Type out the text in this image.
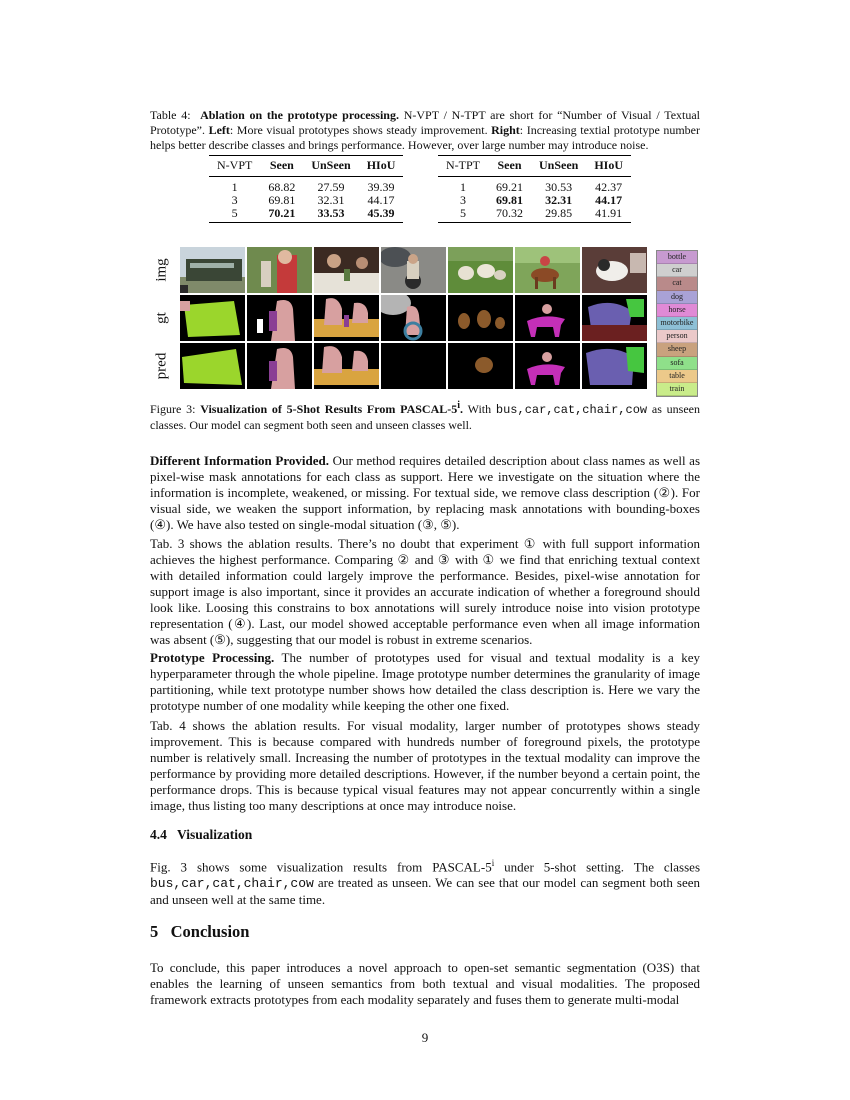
Table 4: Ablation on the prototype processing. N-VPT / N-TPT are short for “Number of Visual / Textual Prototype”. Left: More visual prototypes shows steady improvement. Right: Increasing textial prototype number helps better describe classes and brings performance. However, over large number may introduce noise.
N-VPT	Seen	UnSeen	HIoU
1	68.82	27.59	39.39
3	69.81	32.31	44.17
5	70.21	33.53	45.39
N-TPT	Seen	UnSeen	HIoU
1	69.21	30.53	42.37
3	69.81	32.31	44.17
5	70.32	29.85	41.91
img
gt
pred
bottle
car
cat
dog
horse
motorbike
person
sheep
sofa
table
train
Figure 3: Visualization of 5-Shot Results From PASCAL-5$^i$. With bus,car,cat,chair,cow as unseen classes. Our model can segment both seen and unseen classes well.
Different Information Provided. Our method requires detailed description about class names as well as pixel-wise mask annotations for each class as support. Here we investigate on the situation where the information is incomplete, weakened, or missing. For textual side, we remove class description (②). For visual side, we weaken the support information, by replacing mask annotations with bounding-boxes (④). We have also tested on single-modal situation (③, ⑤).
Tab. 3 shows the ablation results. There’s no doubt that experiment ① with full support information achieves the highest performance. Comparing ② and ③ with ① we find that enriching textual context with detailed information could largely improve the performance. Besides, pixel-wise annotation for support image is also important, since it provides an accurate indication of whether a foreground should look like. Loosing this constrains to box annotations will surely introduce noise into vision prototype representation (④). Last, our model showed acceptable performance even when all image information was absent (⑤), suggesting that our model is robust in extreme scenarios.
Prototype Processing. The number of prototypes used for visual and textual modality is a key hyperparameter through the whole pipeline. Image prototype number determines the granularity of image partitioning, while text prototype number shows how detailed the class description is. Here we vary the prototype number of one modality while keeping the other one fixed.
Tab. 4 shows the ablation results. For visual modality, larger number of prototypes shows steady improvement. This is because compared with hundreds number of foreground pixels, the prototype number is relatively small. Increasing the number of prototypes in the textual modality can improve the performance by providing more detailed descriptions. However, if the number beyond a certain point, the performance drops. This is because typical visual features may not appear concurrently within a single image, thus listing too many descriptions at once may introduce noise.
4.4 Visualization
Fig. 3 shows some visualization results from PASCAL-5$^i$ under 5-shot setting. The classes bus,car,cat,chair,cow are treated as unseen. We can see that our model can segment both seen and unseen well at the same time.
5 Conclusion
To conclude, this paper introduces a novel approach to open-set semantic segmentation (O3S) that enables the learning of unseen semantics from both textual and visual modalities. The proposed framework extracts prototypes from each modality separately and fuses them to generate multi-modal
9
